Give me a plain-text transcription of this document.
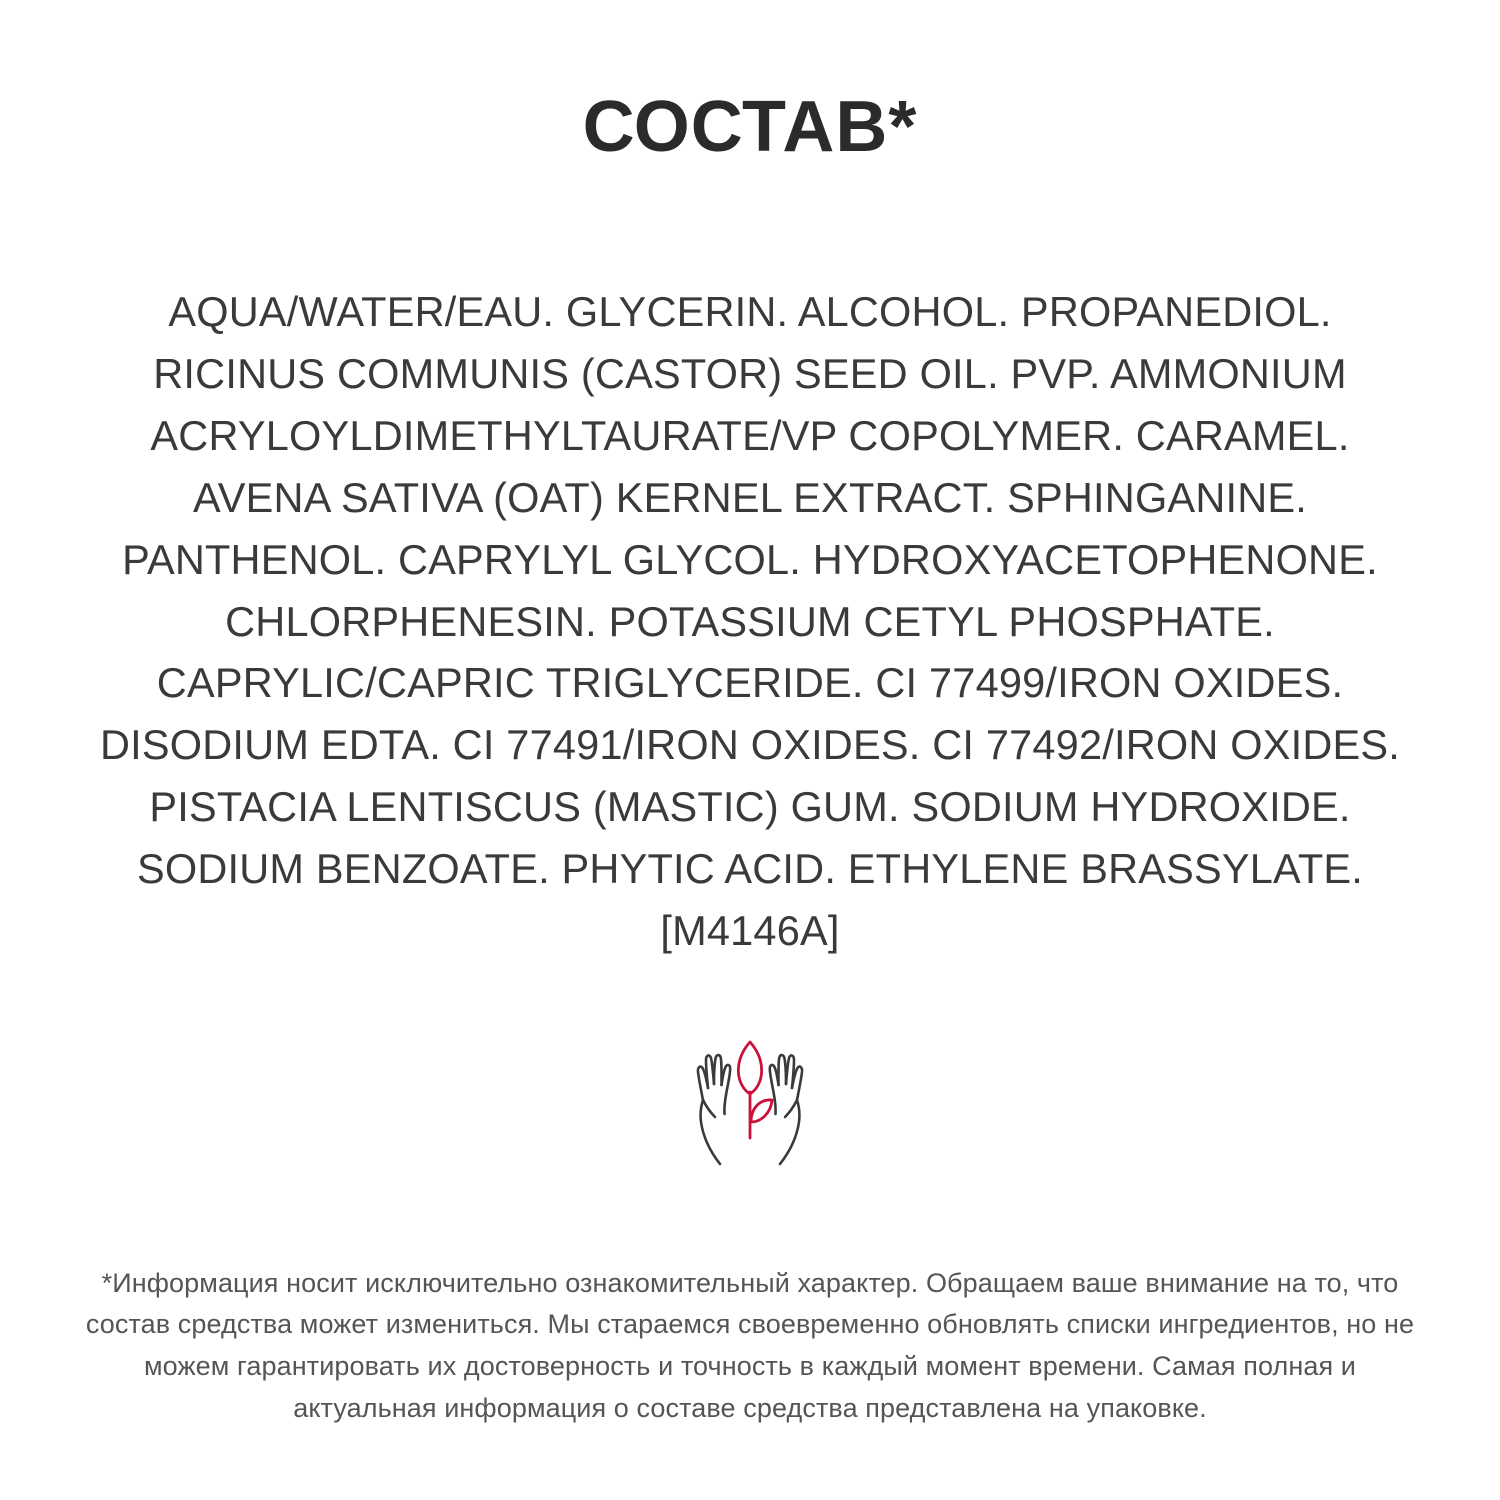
СОСТАВ*
AQUA/WATER/EAU. GLYCERIN. ALCOHOL. PROPANEDIOL. RICINUS COMMUNIS (CASTOR) SEED OIL. PVP. AMMONIUM ACRYLOYLDIMETHYLTAURATE/VP COPOLYMER. CARAMEL. AVENA SATIVA (OAT) KERNEL EXTRACT. SPHINGANINE. PANTHENOL. CAPRYLYL GLYCOL. HYDROXYACETOPHENONE. CHLORPHENESIN. POTASSIUM CETYL PHOSPHATE. CAPRYLIC/CAPRIC TRIGLYCERIDE. CI 77499/IRON OXIDES. DISODIUM EDTA. CI 77491/IRON OXIDES. CI 77492/IRON OXIDES. PISTACIA LENTISCUS (MASTIC) GUM. SODIUM HYDROXIDE. SODIUM BENZOATE. PHYTIC ACID. ETHYLENE BRASSYLATE. [M4146A]
*Информация носит исключительно ознакомительный характер. Обращаем ваше внимание на то, что состав средства может измениться. Мы стараемся своевременно обновлять списки ингредиентов, но не можем гарантировать их достоверность и точность в каждый момент времени. Самая полная и актуальная информация о составе средства представлена на упаковке.
